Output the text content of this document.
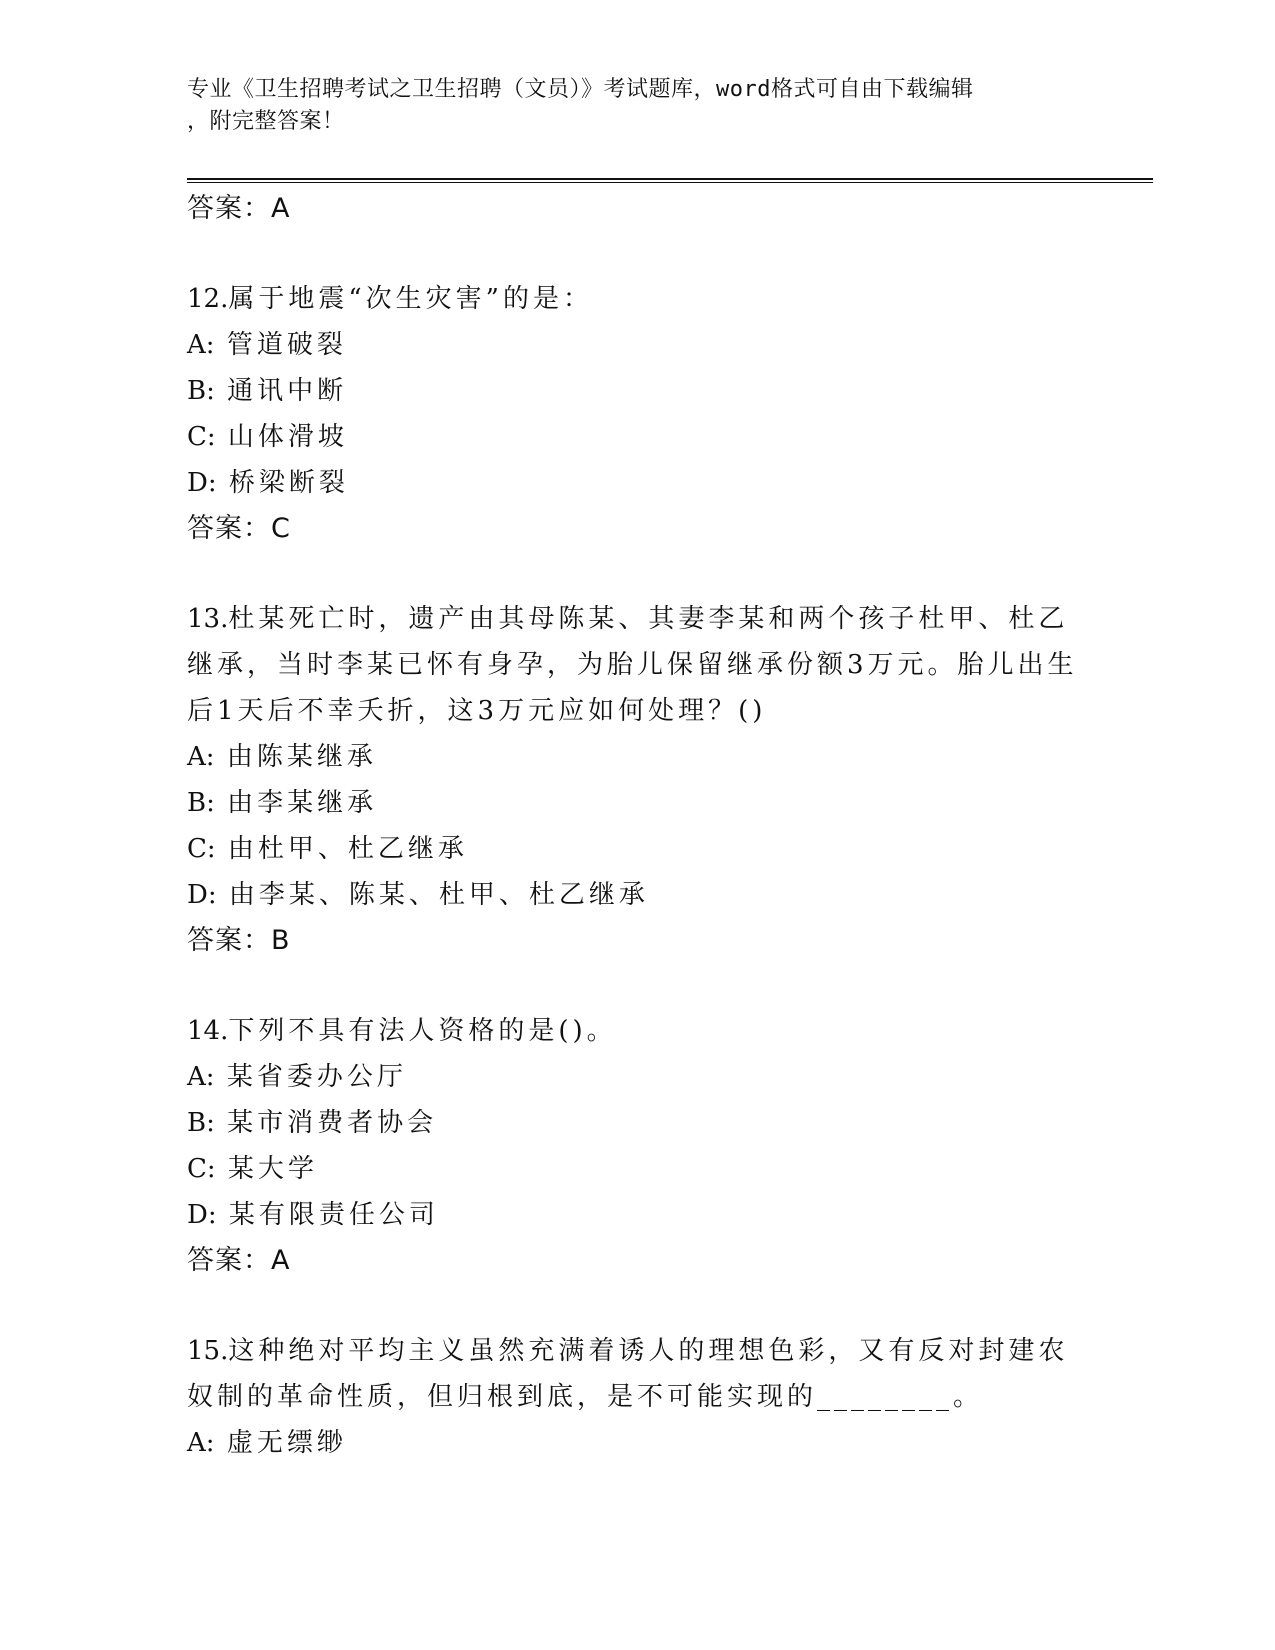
专业《卫生招聘考试之卫生招聘（文员）》考试题库，word格式可自由下载编辑
，附完整答案！
答案：A
12.属于地震“次生灾害”的是：
A: 管道破裂
B: 通讯中断
C: 山体滑坡
D: 桥梁断裂
答案：C
13.杜某死亡时，遗产由其母陈某、其妻李某和两个孩子杜甲、杜乙继承，当时李某已怀有身孕，为胎儿保留继承份额3万元。胎儿出生后1天后不幸夭折，这3万元应如何处理？()
A: 由陈某继承
B: 由李某继承
C: 由杜甲、杜乙继承
D: 由李某、陈某、杜甲、杜乙继承
答案：B
14.下列不具有法人资格的是()。
A: 某省委办公厅
B: 某市消费者协会
C: 某大学
D: 某有限责任公司
答案：A
15.这种绝对平均主义虽然充满着诱人的理想色彩，又有反对封建农奴制的革命性质，但归根到底，是不可能实现的________。
A: 虚无缥缈
